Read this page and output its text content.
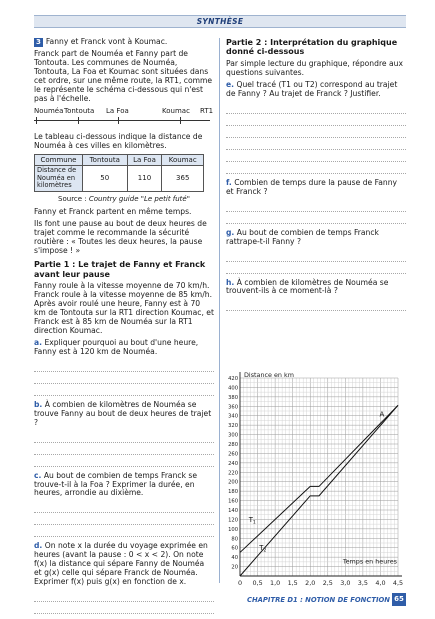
SYNTHÈSE

3 Fanny et Franck vont à Koumac.

Franck part de Nouméa et Fanny part de Tontouta. Les communes de Nouméa, Tontouta, La Foa et Koumac sont situées dans cet ordre, sur une même route, la RT1, comme le représente le schéma ci-dessous qui n'est pas à l'échelle.

Nouméa Tontouta La Foa	Koumac RT1

Le tableau ci-dessous indique la distance de Nouméa à ces villes en kilomètres.

Commune	Tontouta	La Foa	Koumac
Distance de Nouméa en kilomètres	50	110	365
Source : Country guide "Le petit futé"

Fanny et Franck partent en même temps.

Ils font une pause au bout de deux heures de trajet comme le recommande la sécurité routière : « Toutes les deux heures, la pause s'impose ! »

Partie 1 : Le trajet de Fanny et Franck avant leur pause

Fanny roule à la vitesse moyenne de 70 km/h. Franck roule à la vitesse moyenne de 85 km/h. Après avoir roulé une heure, Fanny est à 70 km de Tontouta sur la RT1 direction Koumac, et Franck est à 85 km de Nouméa sur la RT1 direction Koumac.

a. Expliquer pourquoi au bout d'une heure, Fanny est à 120 km de Nouméa.

b. À combien de kilomètres de Nouméa se trouve Fanny au bout de deux heures de trajet ?

c. Au bout de combien de temps Franck se trouve-t-il à la Foa ? Exprimer la durée, en heures, arrondie au dixième.

d. On note x la durée du voyage exprimée en heures (avant la pause : 0 < x < 2). On note f(x) la distance qui sépare Fanny de Nouméa et g(x) celle qui sépare Franck de Nouméa. Exprimer f(x) puis g(x) en fonction de x.

Partie 2 : Interprétation du graphique donné ci-dessous

Par simple lecture du graphique, répondre aux questions suivantes.

e. Quel tracé (T1 ou T2) correspond au trajet de Fanny ? Au trajet de Franck ? Justifier.

f. Combien de temps dure la pause de Fanny et Franck ?

g. Au bout de combien de temps Franck rattrape-t-il Fanny ?

h. À combien de kilomètres de Nouméa se trouvent-ils à ce moment-là ?

20
40
60
80
100
120
140
160
180
200
220
240
260
280
300
320
340
360
380
400
420
0 0,5 1,0 1,5 2,0 2,5 3,0 3,5 4,0 4,5
Distance en km
Temps en heures
$T_1$
$T_2$
A
CHAPITRE D1 : NOTION DE FONCTION 65
